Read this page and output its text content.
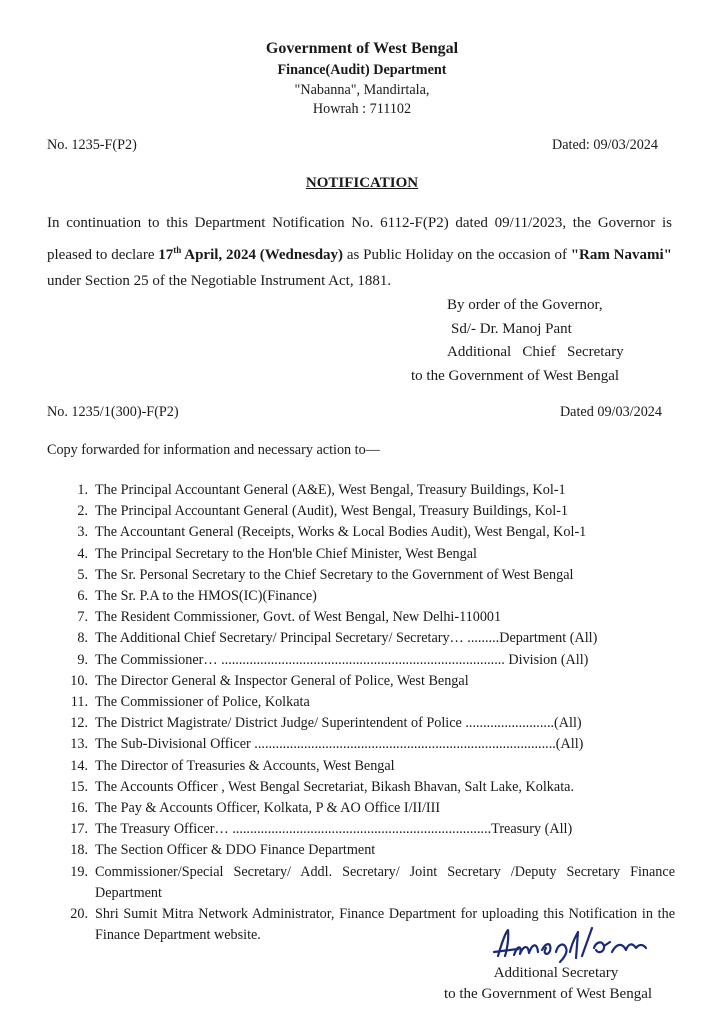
Government of West Bengal
Finance(Audit) Department
"Nabanna", Mandirtala,
Howrah : 711102
No. 1235-F(P2)	Dated: 09/03/2024
NOTIFICATION
In continuation to this Department Notification No. 6112-F(P2) dated 09/11/2023, the Governor is pleased to declare 17th April, 2024 (Wednesday) as Public Holiday on the occasion of "Ram Navami" under Section 25 of the Negotiable Instrument Act, 1881.
By order of the Governor,
Sd/- Dr. Manoj Pant
Additional   Chief   Secretary
to the Government of West Bengal
No. 1235/1(300)-F(P2)	Dated 09/03/2024
Copy forwarded for information and necessary action to—
1. The Principal Accountant General (A&E), West Bengal, Treasury Buildings, Kol-1
2. The Principal Accountant General (Audit), West Bengal, Treasury Buildings, Kol-1
3. The Accountant General (Receipts, Works & Local Bodies Audit), West Bengal, Kol-1
4. The Principal Secretary to the Hon'ble Chief Minister, West Bengal
5. The Sr. Personal Secretary to the Chief Secretary to the Government of West Bengal
6. The Sr. P.A to the HMOS(IC)(Finance)
7. The Resident Commissioner, Govt. of West Bengal, New Delhi-110001
8. The Additional Chief Secretary/ Principal Secretary/ Secretary… .........Department (All)
9. The Commissioner… ................................................................................ Division (All)
10. The Director General & Inspector General of Police, West Bengal
11. The Commissioner of Police, Kolkata
12. The District Magistrate/ District Judge/ Superintendent of Police .........................(All)
13. The Sub-Divisional Officer .....................................................................................(All)
14. The Director of Treasuries & Accounts, West Bengal
15. The Accounts Officer , West Bengal Secretariat, Bikash Bhavan, Salt Lake, Kolkata.
16. The Pay & Accounts Officer, Kolkata, P & AO Office I/II/III
17. The Treasury Officer… .........................................................................Treasury (All)
18. The Section Officer & DDO Finance Department
19. Commissioner/Special Secretary/ Addl. Secretary/ Joint Secretary /Deputy Secretary Finance Department
20. Shri Sumit Mitra Network Administrator, Finance Department for uploading this Notification in the Finance Department website.
Additional Secretary
to the Government of West Bengal
